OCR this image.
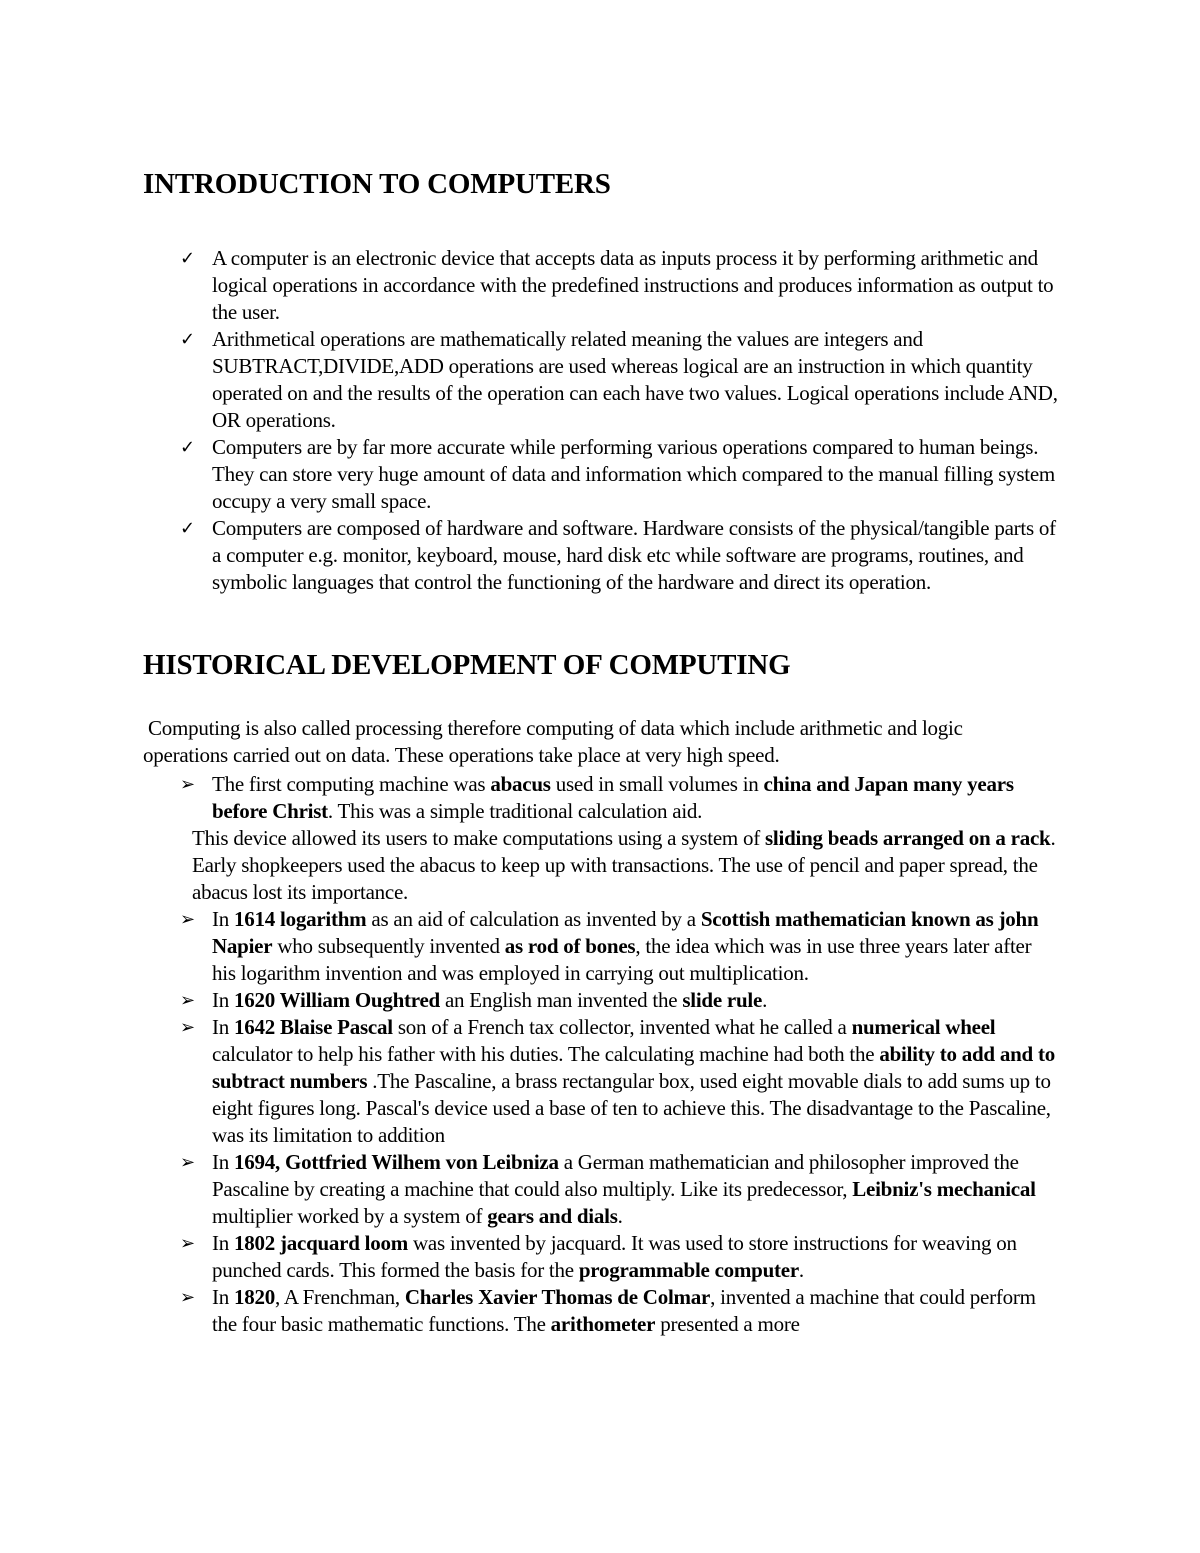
INTRODUCTION TO COMPUTERS
✓ A computer is an electronic device that accepts data as inputs process it by performing arithmetic and logical operations in accordance with the predefined instructions and produces information as output to the user.
✓ Arithmetical operations are mathematically related meaning the values are integers and SUBTRACT,DIVIDE,ADD operations are used whereas logical are an instruction in which quantity operated on and the results of the operation can each have two values. Logical operations include AND, OR operations.
✓ Computers are by far more accurate while performing various operations compared to human beings. They can store very huge amount of data and information which compared to the manual filling system occupy a very small space.
✓ Computers are composed of hardware and software. Hardware consists of the physical/tangible parts of a computer e.g. monitor, keyboard, mouse, hard disk etc while software are programs, routines, and symbolic languages that control the functioning of the hardware and direct its operation.
HISTORICAL DEVELOPMENT OF COMPUTING

Computing is also called processing therefore computing of data which include arithmetic and logic operations carried out on data. These operations take place at very high speed.

➢ The first computing machine was abacus used in small volumes in china and Japan many years before Christ. This was a simple traditional calculation aid.
This device allowed its users to make computations using a system of sliding beads arranged on a rack. Early shopkeepers used the abacus to keep up with transactions. The use of pencil and paper spread, the abacus lost its importance.
➢ In 1614 logarithm as an aid of calculation as invented by a Scottish mathematician known as john Napier who subsequently invented as rod of bones, the idea which was in use three years later after his logarithm invention and was employed in carrying out multiplication.
➢ In 1620 William Oughtred an English man invented the slide rule.
➢ In 1642 Blaise Pascal son of a French tax collector, invented what he called a numerical wheel calculator to help his father with his duties. The calculating machine had both the ability to add and to subtract numbers .The Pascaline, a brass rectangular box, used eight movable dials to add sums up to eight figures long. Pascal's device used a base of ten to achieve this. The disadvantage to the Pascaline, was its limitation to addition
➢ In 1694, Gottfried Wilhem von Leibniza a German mathematician and philosopher improved the Pascaline by creating a machine that could also multiply. Like its predecessor, Leibniz's mechanical multiplier worked by a system of gears and dials.
➢ In 1802 jacquard loom was invented by jacquard. It was used to store instructions for weaving on punched cards. This formed the basis for the programmable computer.
➢ In 1820, A Frenchman, Charles Xavier Thomas de Colmar, invented a machine that could perform the four basic mathematic functions. The arithometer presented a more
